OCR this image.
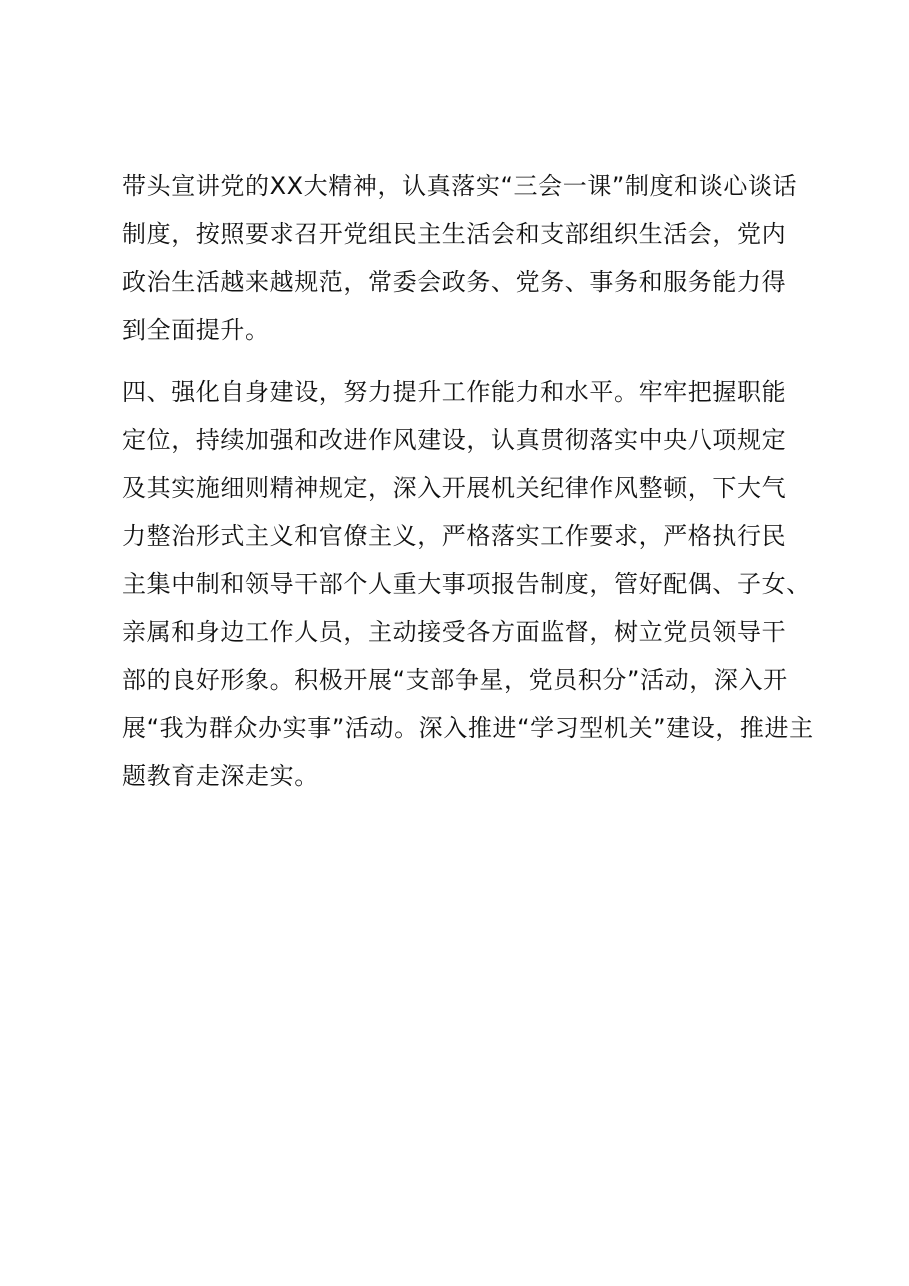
带头宣讲党的XX大精神，认真落实“三会一课”制度和谈心谈话
制度，按照要求召开党组民主生活会和支部组织生活会，党内
政治生活越来越规范，常委会政务、党务、事务和服务能力得
到全面提升。
四、强化自身建设，努力提升工作能力和水平。牢牢把握职能
定位，持续加强和改进作风建设，认真贯彻落实中央八项规定
及其实施细则精神规定，深入开展机关纪律作风整顿，下大气
力整治形式主义和官僚主义，严格落实工作要求，严格执行民
主集中制和领导干部个人重大事项报告制度，管好配偶、子女、
亲属和身边工作人员，主动接受各方面监督，树立党员领导干
部的良好形象。积极开展“支部争星，党员积分”活动，深入开
展“我为群众办实事”活动。深入推进“学习型机关”建设，推进主
题教育走深走实。
